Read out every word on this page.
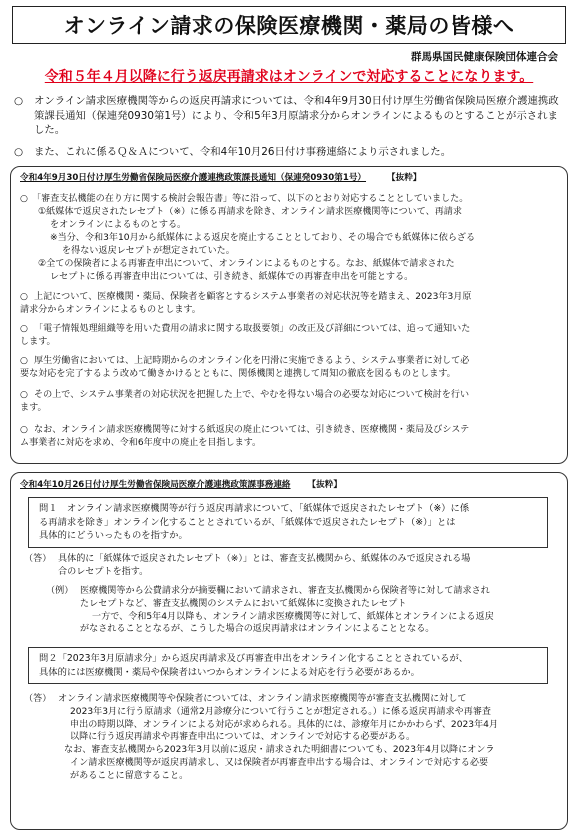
オンライン請求の保険医療機関・薬局の皆様へ
群馬県国民健康保険団体連合会
令和５年４月以降に行う返戻再請求はオンラインで対応することになります。
○	オンライン請求医療機関等からの返戻再請求については、令和4年9月30日付け厚生労働省保険局医療介護連携政策課長通知（保連発0930第1号）により、令和5年3月原請求分からオンラインによるものとすることが示されました。
○	また、これに係るＱ＆Ａについて、令和4年10月26日付け事務連絡により示されました。
令和4年9月30日付け厚生労働省保険局医療介護連携政策課長通知（保連発0930第1号） 【抜粋】
○ 「審査支払機能の在り方に関する検討会報告書」等に沿って、以下のとおり対応することとしていました。
①紙媒体で返戻されたレセプト（※）に係る再請求を除き、オンライン請求医療機関等について、再請求
をオンラインによるものとする。
※当分、令和3年10月から紙媒体による返戻を廃止することとしており、その場合でも紙媒体に依らざる
を得ない返戻レセプトが想定されていた。
②全ての保険者による再審査申出について、オンラインによるものとする。なお、紙媒体で請求された
レセプトに係る再審査申出については、引き続き、紙媒体での再審査申出を可能とする。
○ 上記について、医療機関・薬局、保険者を顧客とするシステム事業者の対応状況等を踏まえ、2023年3月原
請求分からオンラインによるものとします。
○ 「電子情報処理組織等を用いた費用の請求に関する取扱要領」の改正及び詳細については、追って通知いた
します。
○ 厚生労働省においては、上記時期からのオンライン化を円滑に実施できるよう、システム事業者に対して必
要な対応を完了するよう改めて働きかけるとともに、関係機関と連携して周知の徹底を図るものとします。
○ その上で、システム事業者の対応状況を把握した上で、やむを得ない場合の必要な対応について検討を行い
ます。
○ なお、オンライン請求医療機関等に対する紙返戻の廃止については、引き続き、医療機関・薬局及びシステ
ム事業者に対応を求め、令和6年度中の廃止を目指します。
令和4年10月26日付け厚生労働省保険局医療介護連携政策課事務連絡 【抜粋】
問１　オンライン請求医療機関等が行う返戻再請求について、「紙媒体で返戻されたレセプト（※）に係
る再請求を除き」オンライン化することとされているが、「紙媒体で返戻されたレセプト（※）」とは
具体的にどういったものを指すか。
（答） 具体的に「紙媒体で返戻されたレセプト（※）」とは、審査支払機関から、紙媒体のみで返戻される場
合のレセプトを指す。
（例） 医療機関等から公費請求分が摘要欄において請求され、審査支払機関から保険者等に対して請求され
たレセプトなど、審査支払機関のシステムにおいて紙媒体に変換されたレセプト
一方で、令和5年4月以降も、オンライン請求医療機関等に対して、紙媒体とオンラインによる返戻
がなされることとなるが、こうした場合の返戻再請求はオンラインによることとなる。
問２「2023年3月原請求分」から返戻再請求及び再審査申出をオンライン化することとされているが、
具体的には医療機関・薬局や保険者はいつからオンラインによる対応を行う必要があるか。
（答） オンライン請求医療機関等や保険者については、オンライン請求医療機関等が審査支払機関に対して
2023年3月に行う原請求（通常2月診療分について行うことが想定される。）に係る返戻再請求や再審査
申出の時期以降、オンラインによる対応が求められる。具体的には、診療年月にかかわらず、2023年4月
以降に行う返戻再請求や再審査申出については、オンラインで対応する必要がある。
なお、審査支払機関から2023年3月以前に返戻・請求された明細書についても、2023年4月以降にオンラ
イン請求医療機関等が返戻再請求し、又は保険者が再審査申出する場合は、オンラインで対応する必要
があることに留意すること。
